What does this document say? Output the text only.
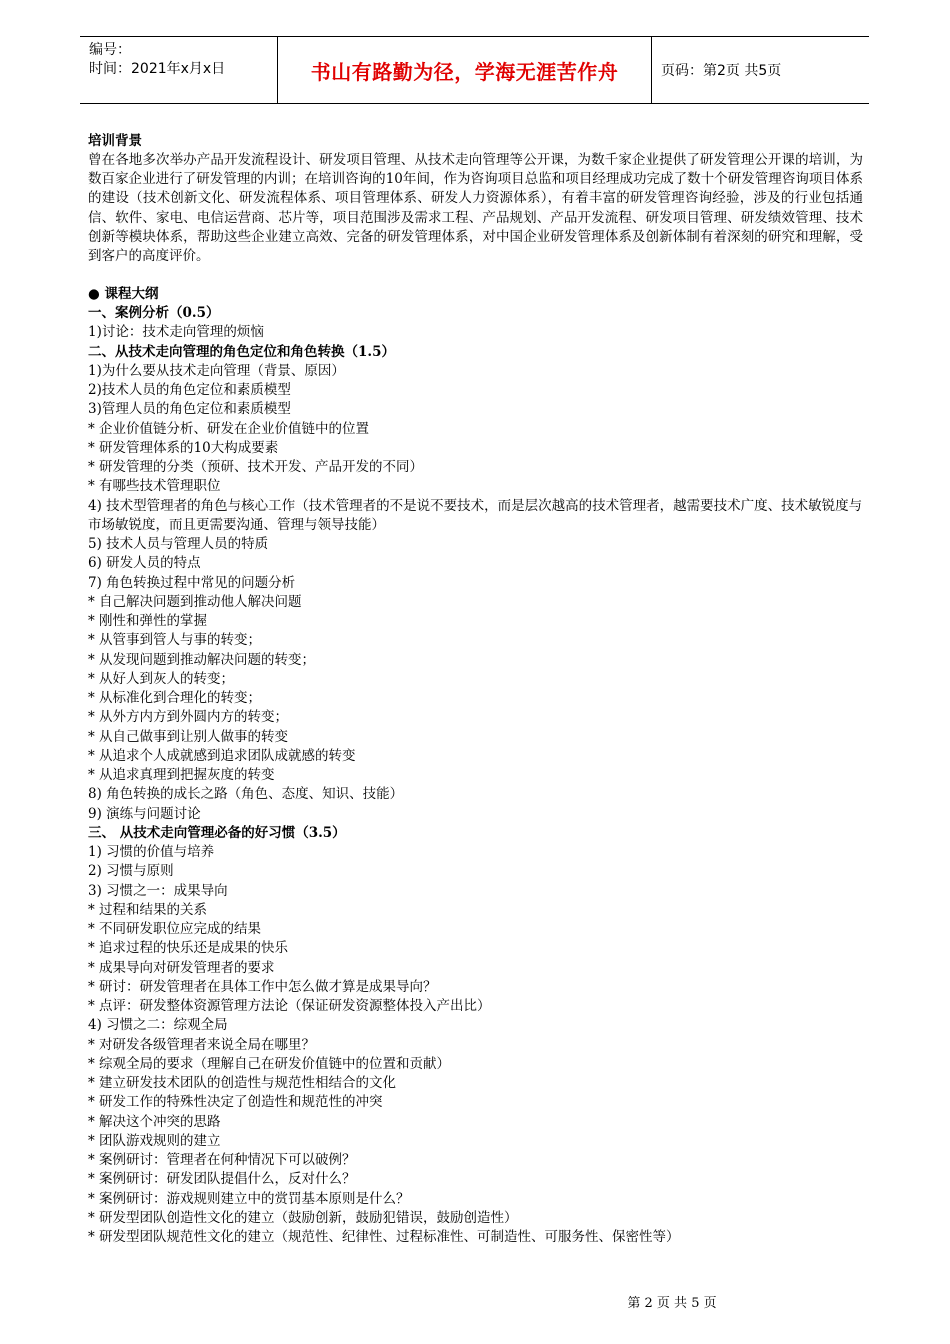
编号：
时间：2021年x月x日	书山有路勤为径，学海无涯苦作舟	页码：第2页 共5页
培训背景
曾在各地多次举办产品开发流程设计、研发项目管理、从技术走向管理等公开课，为数千家企业提供了研发管理公开课的培训，为数百家企业进行了研发管理的内训；在培训咨询的10年间，作为咨询项目总监和项目经理成功完成了数十个研发管理咨询项目体系的建设（技术创新文化、研发流程体系、项目管理体系、研发人力资源体系），有着丰富的研发管理咨询经验，涉及的行业包括通信、软件、家电、电信运营商、芯片等，项目范围涉及需求工程、产品规划、产品开发流程、研发项目管理、研发绩效管理、技术创新等模块体系，帮助这些企业建立高效、完备的研发管理体系，对中国企业研发管理体系及创新体制有着深刻的研究和理解，受到客户的高度评价。
● 课程大纲
一、案例分析（0.5）
1)讨论：技术走向管理的烦恼
二、从技术走向管理的角色定位和角色转换（1.5）
1)为什么要从技术走向管理（背景、原因）
2)技术人员的角色定位和素质模型
3)管理人员的角色定位和素质模型
* 企业价值链分析、研发在企业价值链中的位置
* 研发管理体系的10大构成要素
* 研发管理的分类（预研、技术开发、产品开发的不同）
* 有哪些技术管理职位
4) 技术型管理者的角色与核心工作（技术管理者的不是说不要技术，而是层次越高的技术管理者，越需要技术广度、技术敏锐度与市场敏锐度，而且更需要沟通、管理与领导技能）
5) 技术人员与管理人员的特质
6) 研发人员的特点
7) 角色转换过程中常见的问题分析
* 自己解决问题到推动他人解决问题
* 刚性和弹性的掌握
* 从管事到管人与事的转变；
* 从发现问题到推动解决问题的转变；
* 从好人到灰人的转变；
* 从标准化到合理化的转变；
* 从外方内方到外圆内方的转变；
* 从自己做事到让别人做事的转变
* 从追求个人成就感到追求团队成就感的转变
* 从追求真理到把握灰度的转变
8) 角色转换的成长之路（角色、态度、知识、技能）
9) 演练与问题讨论
三、 从技术走向管理必备的好习惯（3.5）
1) 习惯的价值与培养
2) 习惯与原则
3) 习惯之一：成果导向
* 过程和结果的关系
* 不同研发职位应完成的结果
* 追求过程的快乐还是成果的快乐
* 成果导向对研发管理者的要求
* 研讨：研发管理者在具体工作中怎么做才算是成果导向？
* 点评：研发整体资源管理方法论（保证研发资源整体投入产出比）
4) 习惯之二：综观全局
* 对研发各级管理者来说全局在哪里？
* 综观全局的要求（理解自己在研发价值链中的位置和贡献）
* 建立研发技术团队的创造性与规范性相结合的文化
* 研发工作的特殊性决定了创造性和规范性的冲突
* 解决这个冲突的思路
* 团队游戏规则的建立
* 案例研讨：管理者在何种情况下可以破例？
* 案例研讨：研发团队提倡什么，反对什么？
* 案例研讨：游戏规则建立中的赏罚基本原则是什么？
* 研发型团队创造性文化的建立（鼓励创新，鼓励犯错误，鼓励创造性）
* 研发型团队规范性文化的建立（规范性、纪律性、过程标准性、可制造性、可服务性、保密性等）
第 2 页 共 5 页
